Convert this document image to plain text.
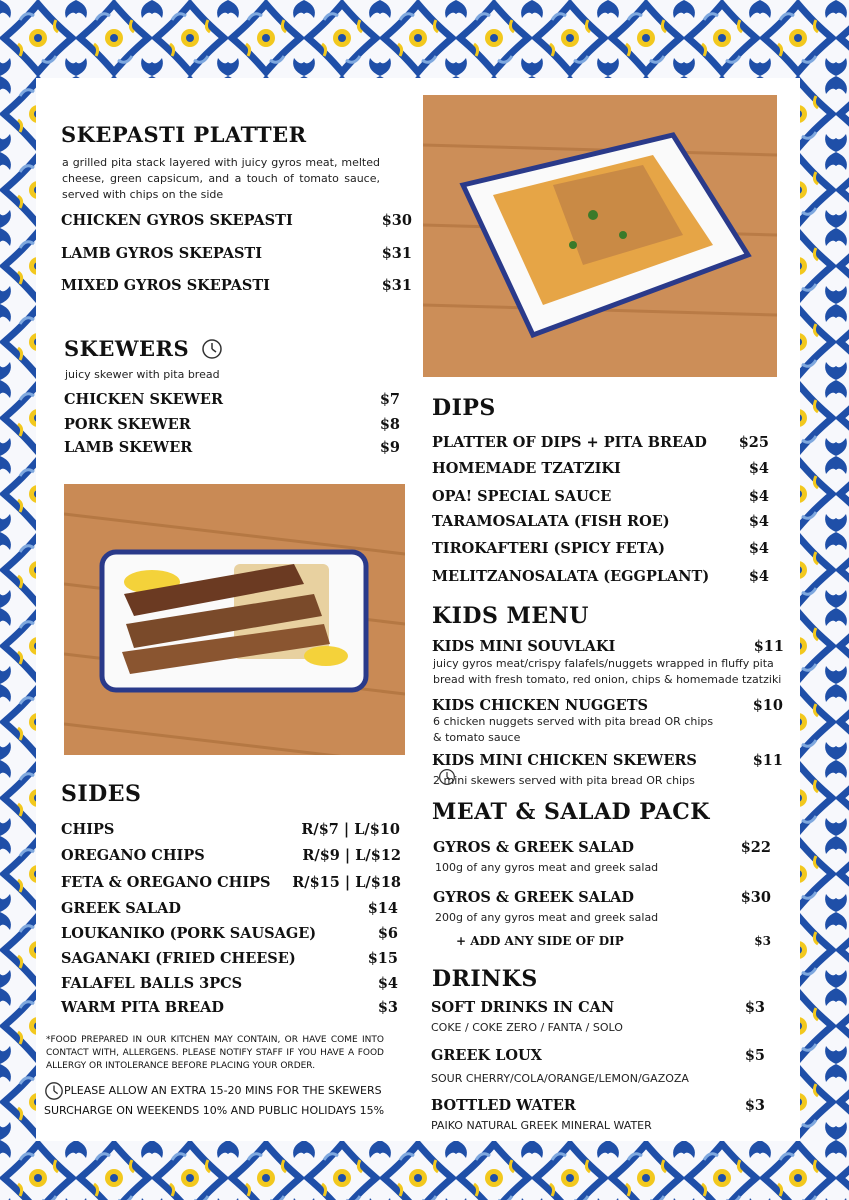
SKEPASTI PLATTER
a grilled pita stack layered with juicy gyros meat, melted cheese, green capsicum, and a touch of tomato sauce, served with chips on the side
CHICKEN GYROS SKEPASTI	$30
LAMB GYROS SKEPASTI	$31
MIXED GYROS SKEPASTI	$31
SKEWERS
juicy skewer with pita bread
CHICKEN SKEWER	$7
PORK SKEWER	$8
LAMB SKEWER	$9
SIDES
CHIPS	R/$7 | L/$10
OREGANO CHIPS	R/$9 | L/$12
FETA & OREGANO CHIPS R/$15 | L/$18
GREEK SALAD	$14
LOUKANIKO (PORK SAUSAGE)	$6
SAGANAKI (FRIED CHEESE)	$15
FALAFEL BALLS 3PCS	$4
WARM PITA BREAD	$3
*FOOD PREPARED IN OUR KITCHEN MAY CONTAIN, OR HAVE COME INTO CONTACT WITH, ALLERGENS. PLEASE NOTIFY STAFF IF YOU HAVE A FOOD ALLERGY OR INTOLERANCE BEFORE PLACING YOUR ORDER.
PLEASE ALLOW AN EXTRA 15-20 MINS FOR THE SKEWERS
SURCHARGE ON WEEKENDS 10% AND PUBLIC HOLIDAYS 15%
DIPS
PLATTER OF DIPS + PITA BREAD $25
HOMEMADE TZATZIKI	$4
OPA! SPECIAL SAUCE	$4
TARAMOSALATA (FISH ROE)	$4
TIROKAFTERI (SPICY FETA)	$4
MELITZANOSALATA (EGGPLANT)	$4
KIDS MENU
KIDS MINI SOUVLAKI	$11
juicy gyros meat/crispy falafels/nuggets wrapped in fluffy pita
bread with fresh tomato, red onion, chips & homemade tzatziki
KIDS CHICKEN NUGGETS	$10
6 chicken nuggets served with pita bread OR chips
& tomato sauce
KIDS MINI CHICKEN SKEWERS	$11
2 mini skewers served with pita bread OR chips
MEAT & SALAD PACK
GYROS & GREEK SALAD	$22
100g of any gyros meat and greek salad
GYROS & GREEK SALAD	$30
200g of any gyros meat and greek salad
+ ADD ANY SIDE OF DIP	$3
DRINKS
SOFT DRINKS IN CAN	$3
COKE / COKE ZERO / FANTA / SOLO
GREEK LOUX	$5
SOUR CHERRY/COLA/ORANGE/LEMON/GAZOZA
BOTTLED WATER	$3
PAIKO NATURAL GREEK MINERAL WATER
